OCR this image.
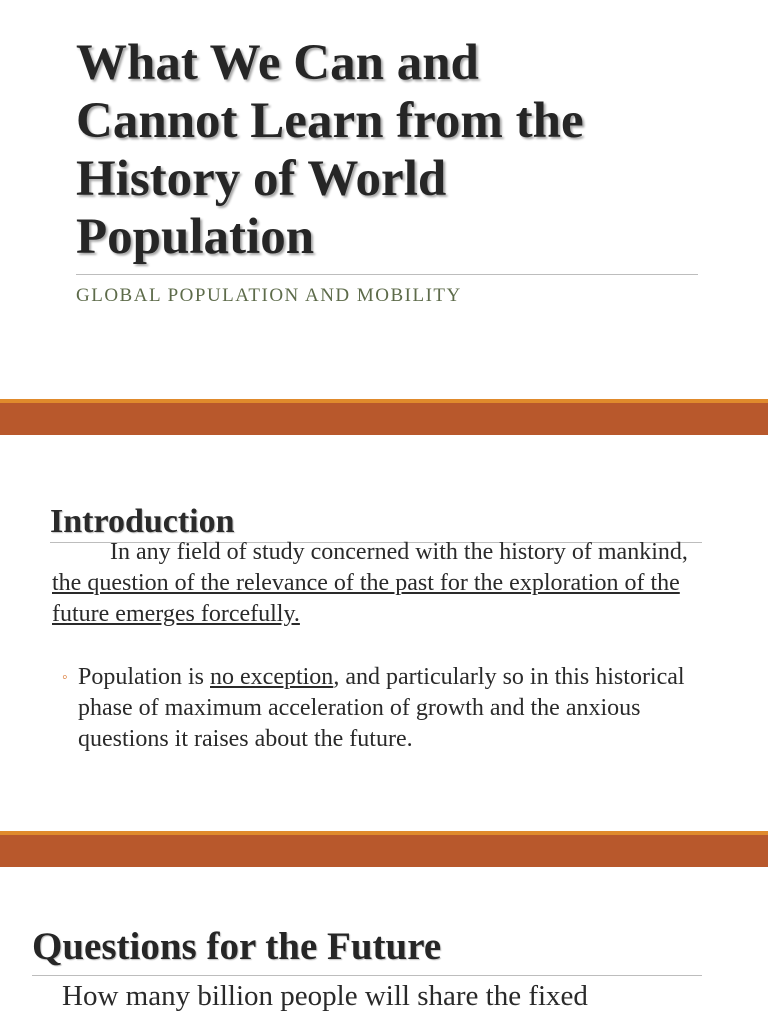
What We Can and
Cannot Learn from the
History of World
Population

GLOBAL POPULATION AND MOBILITY

Introduction

In any field of study concerned with the history of mankind, the question of the relevance of the past for the exploration of the future emerges forcefully.

◦ Population is no exception, and particularly so in this historical phase of maximum acceleration of growth and the anxious questions it raises about the future.

Questions for the Future

How many billion people will share the fixed
